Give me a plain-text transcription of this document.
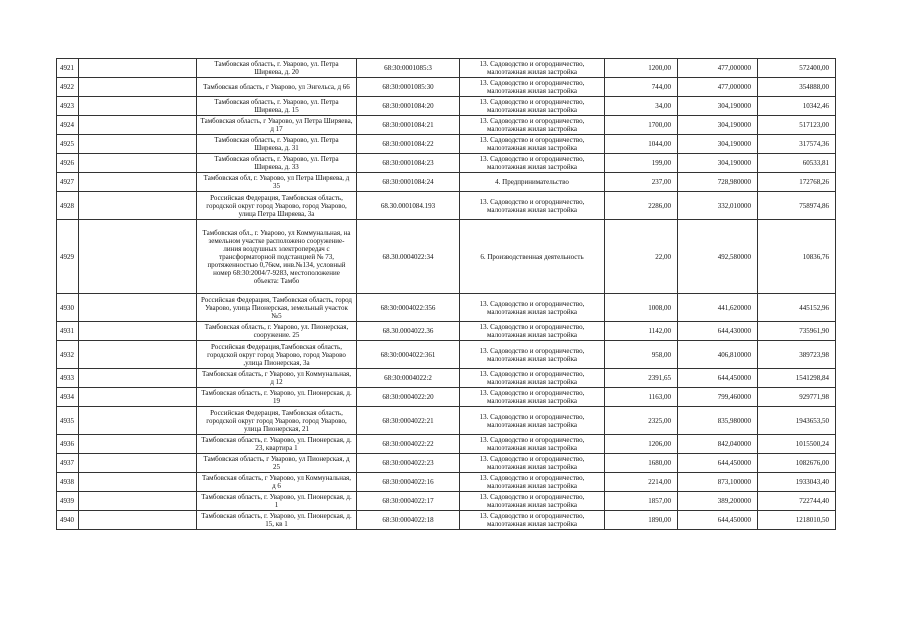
4921		Тамбовская область, г. Уварово, ул. Петра Ширяева, д. 20	68:30:0001085:3	13. Садоводство и огородничество, малоэтажная жилая застройка	1200,00	477,000000	572400,00
4922		Тамбовская область, г Уварово, ул Энгельса, д 66	68:30:0001085:30	13. Садоводство и огородничество, малоэтажная жилая застройка	744,00	477,000000	354888,00
4923		Тамбовская область, г. Уварово, ул. Петра Ширяева, д. 15	68:30:0001084:20	13. Садоводство и огородничество, малоэтажная жилая застройка	34,00	304,190000	10342,46
4924		Тамбовская область, г Уварово, ул Петра Ширяева, д 17	68:30:0001084:21	13. Садоводство и огородничество, малоэтажная жилая застройка	1700,00	304,190000	517123,00
4925		Тамбовская область, г. Уварово, ул. Петра Ширяева, д. 31	68:30:0001084:22	13. Садоводство и огородничество, малоэтажная жилая застройка	1044,00	304,190000	317574,36
4926		Тамбовская область, г. Уварово, ул. Петра Ширяева, д. 33	68:30:0001084:23	13. Садоводство и огородничество, малоэтажная жилая застройка	199,00	304,190000	60533,81
4927		Тамбовская обл, г. Уварово, ул Петра Ширяева, д 35	68:30:0001084:24	4. Предпринимательство	237,00	728,980000	172768,26
4928		Российская Федерация, Тамбовская область, городской округ город Уварово, город Уварово, улица Петра Ширяева, 3а	68.30.0001084.193	13. Садоводство и огородничество, малоэтажная жилая застройка	2286,00	332,010000	758974,86
4929		Тамбовская обл., г. Уварово, ул Коммунальная, на земельном участке расположено сооружение-линия воздушных электропередач с трансформаторной подстанцией № 73, протяженностью 0,76км, инв.№134, условный номер 68:30:2004/7-9283, местоположение объекта: Тамбо	68.30.0004022:34	6. Производственная деятельность	22,00	492,580000	10836,76
4930		Российская Федерация, Тамбовская область, город Уварово, улица Пионерская, земельный участок №5	68:30:0004022:356	13. Садоводство и огородничество, малоэтажная жилая застройка	1008,00	441,620000	445152,96
4931		Тамбовская область, г. Уварово, ул. Пионерская, сооружение. 25	68.30.0004022.36	13. Садоводство и огородничество, малоэтажная жилая застройка	1142,00	644,430000	735961,90
4932		Российская Федерация,Тамбовская область, городской округ город Уварово, город Уварово ,улица Пионерская, 3а	68:30:0004022:361	13. Садоводство и огородничество, малоэтажная жилая застройка	958,00	406,810000	389723,98
4933		Тамбовская область, г Уварово, ул Коммунальная, д 12	68:30:0004022:2	13. Садоводство и огородничество, малоэтажная жилая застройка	2391,65	644,450000	1541298,84
4934		Тамбовская область, г. Уварово, ул. Пионерская, д. 19	68:30:0004022:20	13. Садоводство и огородничество, малоэтажная жилая застройка	1163,00	799,460000	929771,98
4935		Российская Федерация, Тамбовская область, городской округ город Уварово, город Уварово, улица Пионерская, 21	68:30:0004022:21	13. Садоводство и огородничество, малоэтажная жилая застройка	2325,00	835,980000	1943653,50
4936		Тамбовская область, г. Уварово, ул. Пионерская, д. 23, квартира 1	68:30:0004022:22	13. Садоводство и огородничество, малоэтажная жилая застройка	1206,00	842,040000	1015500,24
4937		Тамбовская область, г Уварово, ул Пионерская, д 25	68:30:0004022:23	13. Садоводство и огородничество, малоэтажная жилая застройка	1680,00	644,450000	1082676,00
4938		Тамбовская область, г Уварово, ул Коммунальная, д 6	68:30:0004022:16	13. Садоводство и огородничество, малоэтажная жилая застройка	2214,00	873,100000	1933043,40
4939		Тамбовская область, г. Уварово, ул. Пионерская, д. 1	68:30:0004022:17	13. Садоводство и огородничество, малоэтажная жилая застройка	1857,00	389,200000	722744,40
4940		Тамбовская область, г. Уварово, ул. Пионерская, д. 15, кв 1	68:30:0004022:18	13. Садоводство и огородничество, малоэтажная жилая застройка	1890,00	644,450000	1218010,50
